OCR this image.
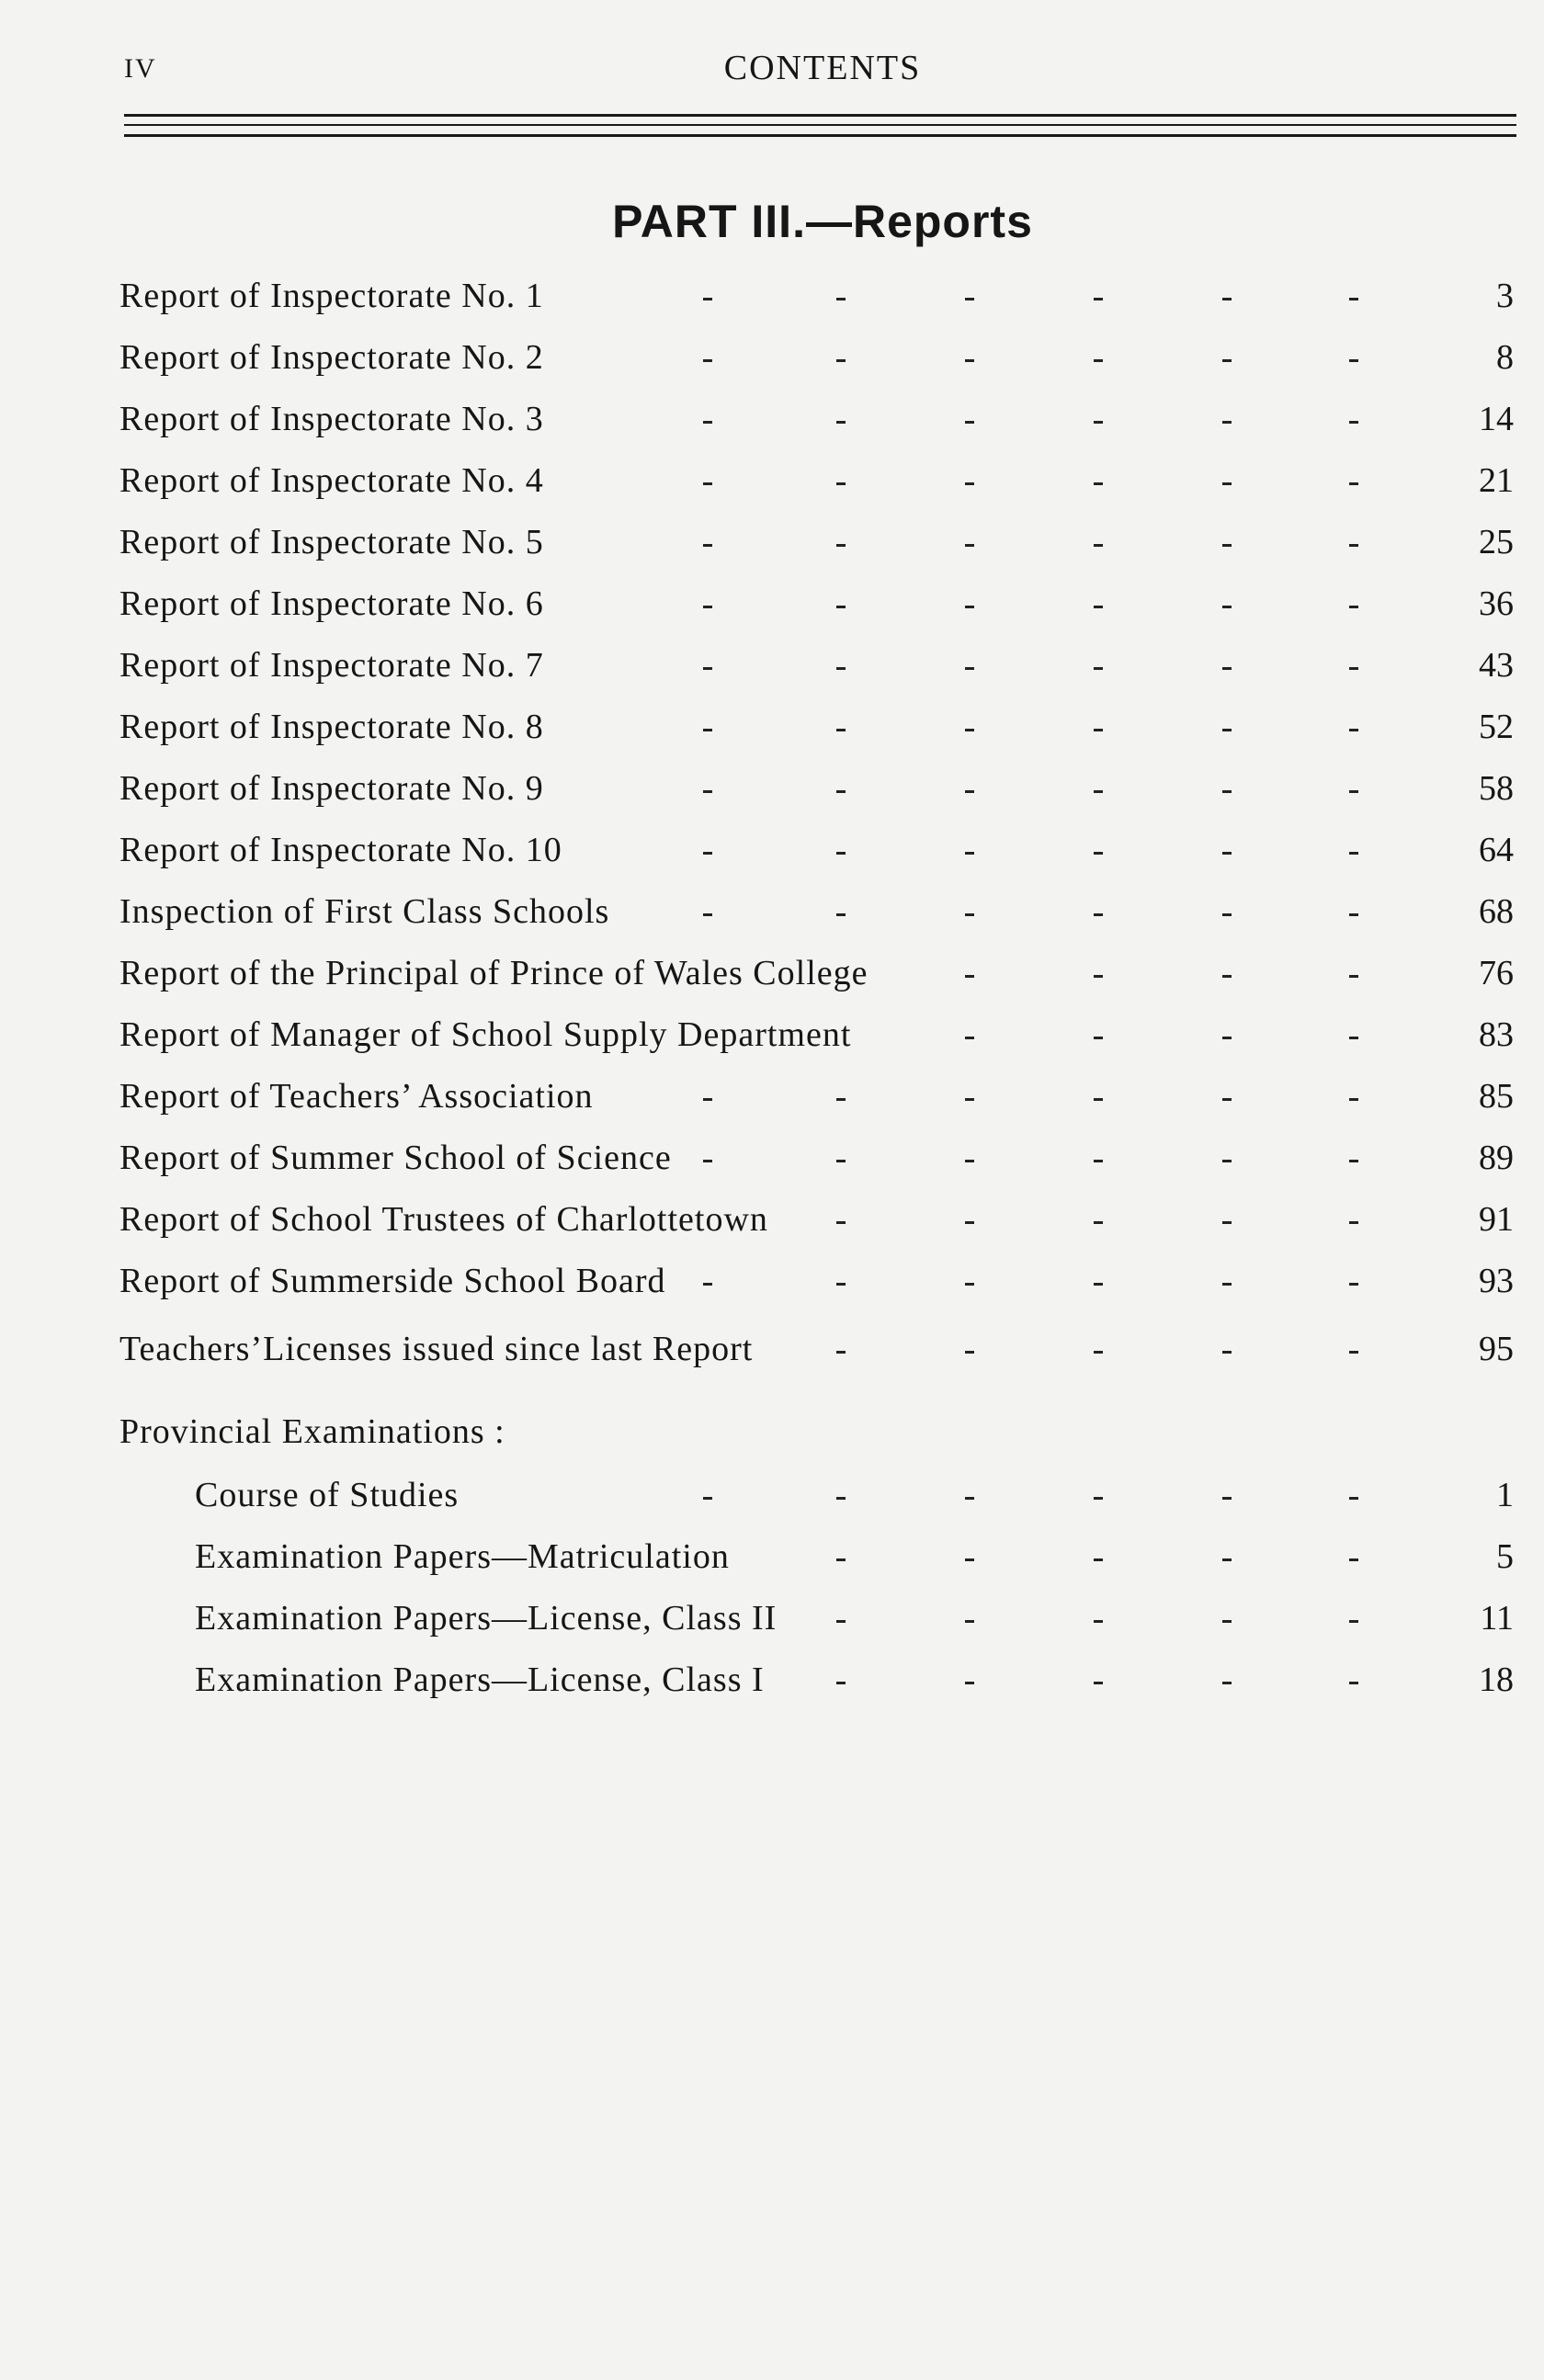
IV	CONTENTS
PART III.—Reports
Report of Inspectorate No. 1	3
Report of Inspectorate No. 2	8
Report of Inspectorate No. 3	14
Report of Inspectorate No. 4	21
Report of Inspectorate No. 5	25
Report of Inspectorate No. 6	36
Report of Inspectorate No. 7	43
Report of Inspectorate No. 8	52
Report of Inspectorate No. 9	58
Report of Inspectorate No. 10	64
Inspection of First Class Schools	68
Report of the Principal of Prince of Wales College	76
Report of Manager of School Supply Department	83
Report of Teachers’ Association	85
Report of Summer School of Science	89
Report of School Trustees of Charlottetown	91
Report of Summerside School Board	93
Teachers’Licenses issued since last Report	95
Provincial Examinations :
Course of Studies	1
Examination Papers—Matriculation	5
Examination Papers—License, Class II	11
Examination Papers—License, Class I	18
